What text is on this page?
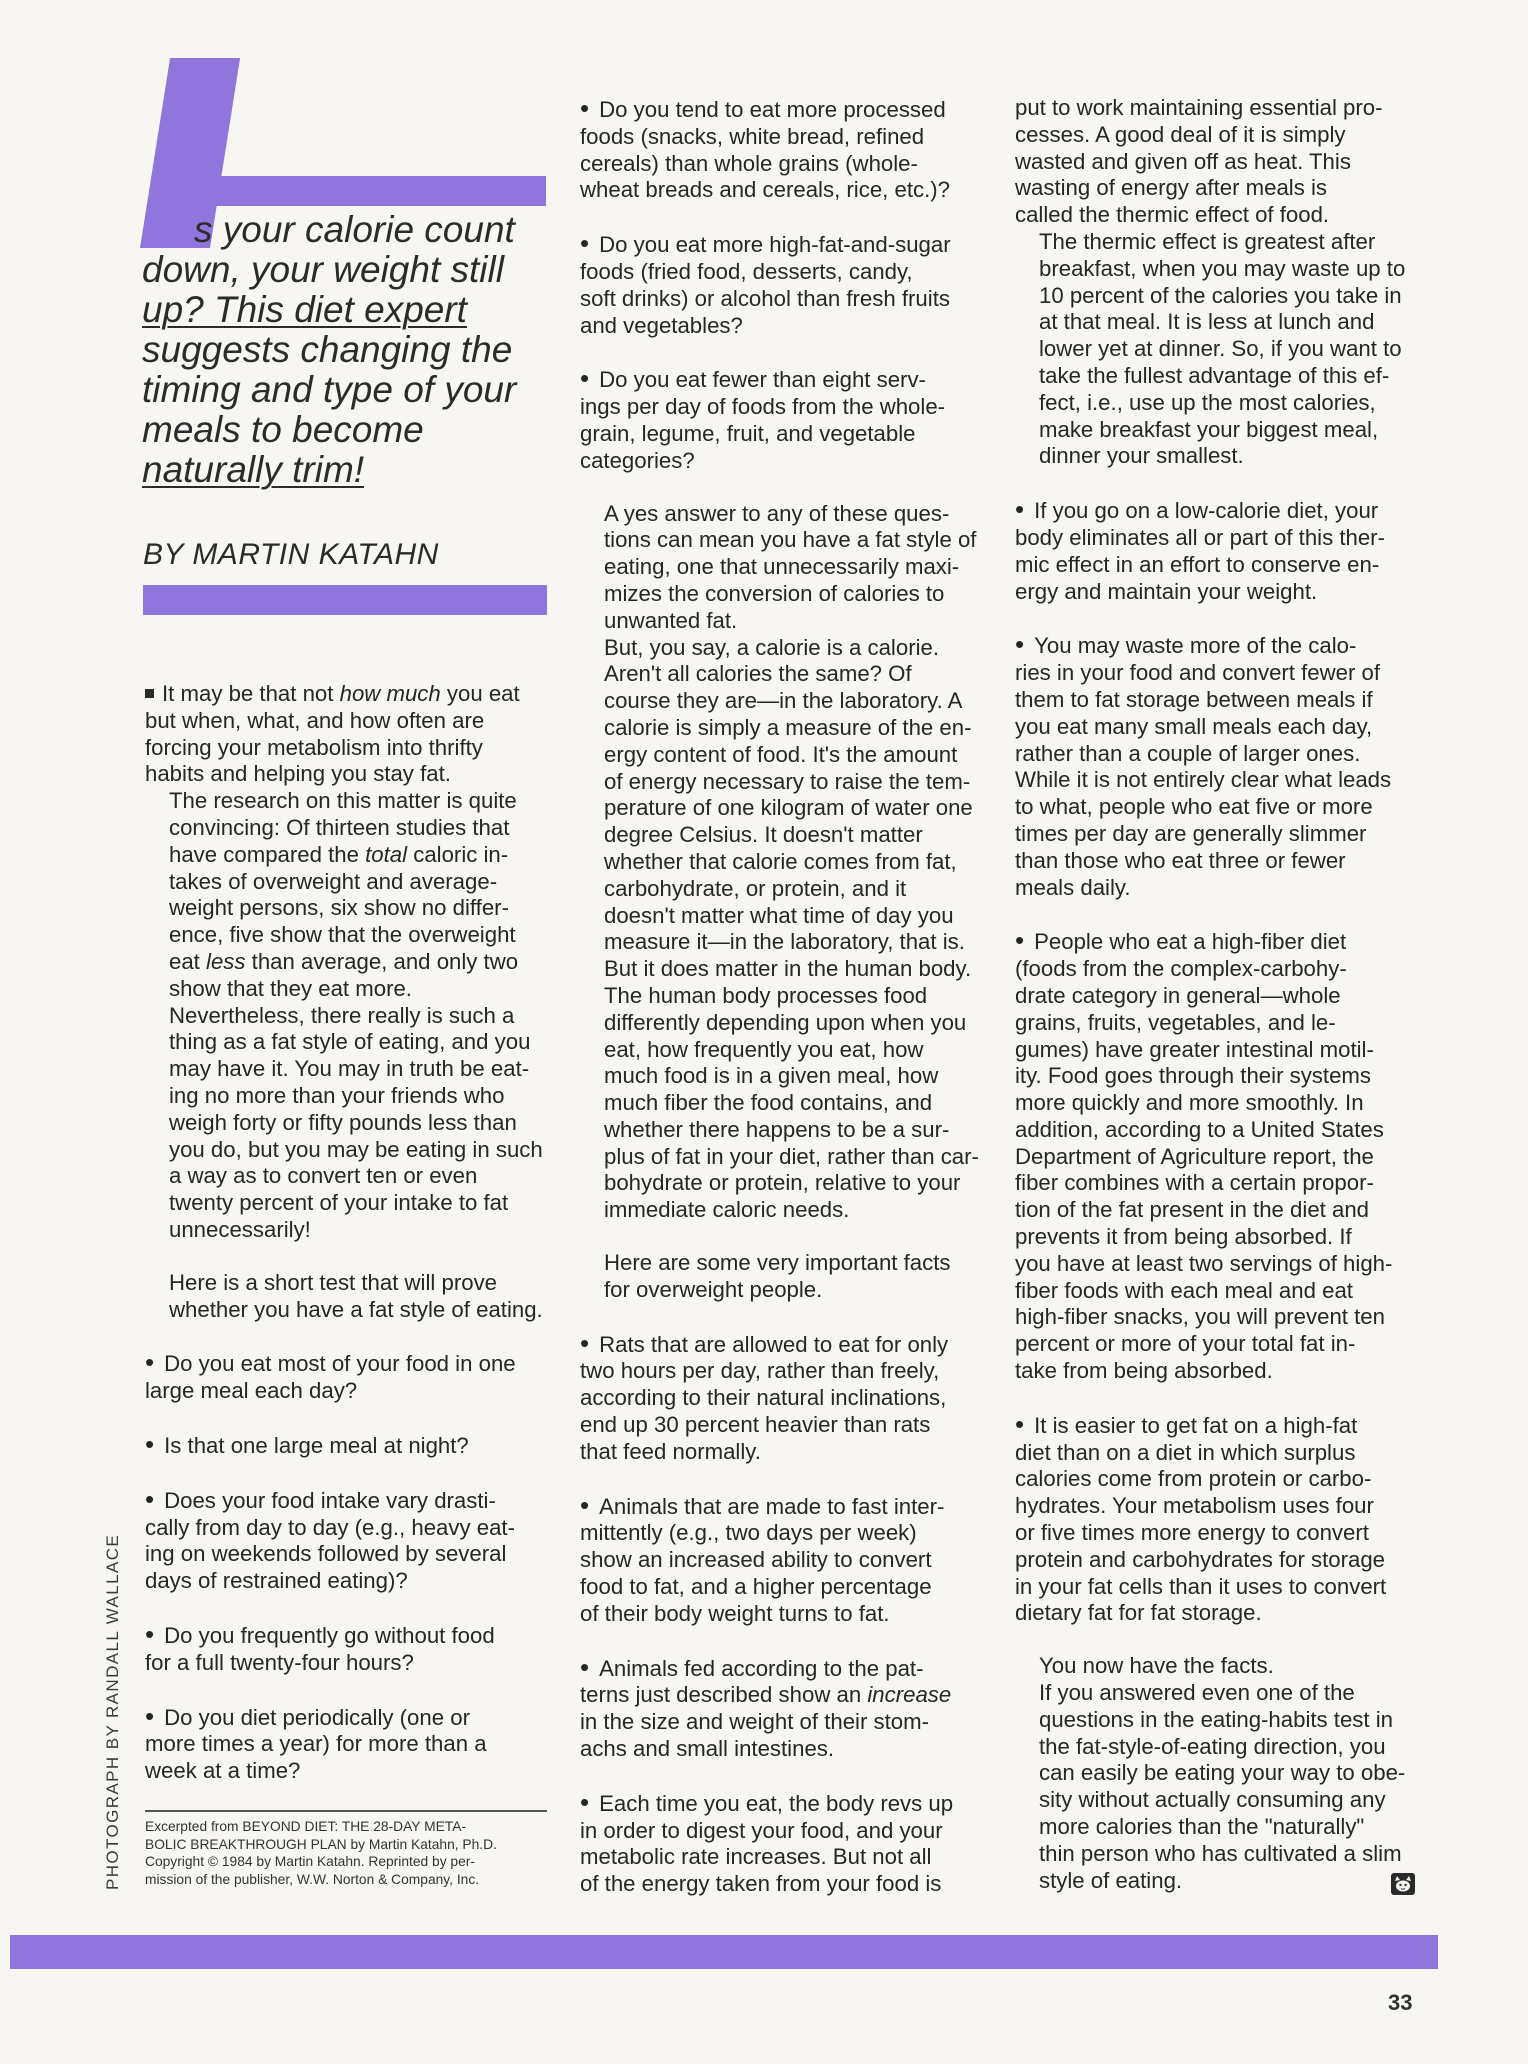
s your calorie count
down, your weight still
up? This diet expert
suggests changing the
timing and type of your
meals to become
naturally trim!

BY MARTIN KATAHN

It may be that not how much you eat
but when, what, and how often are
forcing your metabolism into thrifty
habits and helping you stay fat.

The research on this matter is quite
convincing: Of thirteen studies that
have compared the total caloric in-
takes of overweight and average-
weight persons, six show no differ-
ence, five show that the overweight
eat less than average, and only two
show that they eat more.

Nevertheless, there really is such a
thing as a fat style of eating, and you
may have it. You may in truth be eat-
ing no more than your friends who
weigh forty or fifty pounds less than
you do, but you may be eating in such
a way as to convert ten or even
twenty percent of your intake to fat
unnecessarily!

Here is a short test that will prove
whether you have a fat style of eating.

• Do you eat most of your food in one
large meal each day?

• Is that one large meal at night?

• Does your food intake vary drasti-
cally from day to day (e.g., heavy eat-
ing on weekends followed by several
days of restrained eating)?

• Do you frequently go without food
for a full twenty-four hours?

• Do you diet periodically (one or
more times a year) for more than a
week at a time?

Excerpted from BEYOND DIET: THE 28-DAY META-
BOLIC BREAKTHROUGH PLAN by Martin Katahn, Ph.D.
Copyright © 1984 by Martin Katahn. Reprinted by per-
mission of the publisher, W.W. Norton & Company, Inc.

PHOTOGRAPH BY RANDALL WALLACE

• Do you tend to eat more processed
foods (snacks, white bread, refined
cereals) than whole grains (whole-
wheat breads and cereals, rice, etc.)?

• Do you eat more high-fat-and-sugar
foods (fried food, desserts, candy,
soft drinks) or alcohol than fresh fruits
and vegetables?

• Do you eat fewer than eight serv-
ings per day of foods from the whole-
grain, legume, fruit, and vegetable
categories?

A yes answer to any of these ques-
tions can mean you have a fat style of
eating, one that unnecessarily maxi-
mizes the conversion of calories to
unwanted fat.

But, you say, a calorie is a calorie.
Aren't all calories the same? Of
course they are—in the laboratory. A
calorie is simply a measure of the en-
ergy content of food. It's the amount
of energy necessary to raise the tem-
perature of one kilogram of water one
degree Celsius. It doesn't matter
whether that calorie comes from fat,
carbohydrate, or protein, and it
doesn't matter what time of day you
measure it—in the laboratory, that is.
But it does matter in the human body.

The human body processes food
differently depending upon when you
eat, how frequently you eat, how
much food is in a given meal, how
much fiber the food contains, and
whether there happens to be a sur-
plus of fat in your diet, rather than car-
bohydrate or protein, relative to your
immediate caloric needs.

Here are some very important facts
for overweight people.

• Rats that are allowed to eat for only
two hours per day, rather than freely,
according to their natural inclinations,
end up 30 percent heavier than rats
that feed normally.

• Animals that are made to fast inter-
mittently (e.g., two days per week)
show an increased ability to convert
food to fat, and a higher percentage
of their body weight turns to fat.

• Animals fed according to the pat-
terns just described show an increase
in the size and weight of their stom-
achs and small intestines.

• Each time you eat, the body revs up
in order to digest your food, and your
metabolic rate increases. But not all
of the energy taken from your food is

put to work maintaining essential pro-
cesses. A good deal of it is simply
wasted and given off as heat. This
wasting of energy after meals is
called the thermic effect of food.

The thermic effect is greatest after
breakfast, when you may waste up to
10 percent of the calories you take in
at that meal. It is less at lunch and
lower yet at dinner. So, if you want to
take the fullest advantage of this ef-
fect, i.e., use up the most calories,
make breakfast your biggest meal,
dinner your smallest.

• If you go on a low-calorie diet, your
body eliminates all or part of this ther-
mic effect in an effort to conserve en-
ergy and maintain your weight.

• You may waste more of the calo-
ries in your food and convert fewer of
them to fat storage between meals if
you eat many small meals each day,
rather than a couple of larger ones.
While it is not entirely clear what leads
to what, people who eat five or more
times per day are generally slimmer
than those who eat three or fewer
meals daily.

• People who eat a high-fiber diet
(foods from the complex-carbohy-
drate category in general—whole
grains, fruits, vegetables, and le-
gumes) have greater intestinal motil-
ity. Food goes through their systems
more quickly and more smoothly. In
addition, according to a United States
Department of Agriculture report, the
fiber combines with a certain propor-
tion of the fat present in the diet and
prevents it from being absorbed. If
you have at least two servings of high-
fiber foods with each meal and eat
high-fiber snacks, you will prevent ten
percent or more of your total fat in-
take from being absorbed.

• It is easier to get fat on a high-fat
diet than on a diet in which surplus
calories come from protein or carbo-
hydrates. Your metabolism uses four
or five times more energy to convert
protein and carbohydrates for storage
in your fat cells than it uses to convert
dietary fat for fat storage.

You now have the facts.

If you answered even one of the
questions in the eating-habits test in
the fat-style-of-eating direction, you
can easily be eating your way to obe-
sity without actually consuming any
more calories than the "naturally"
thin person who has cultivated a slim
style of eating.

33
